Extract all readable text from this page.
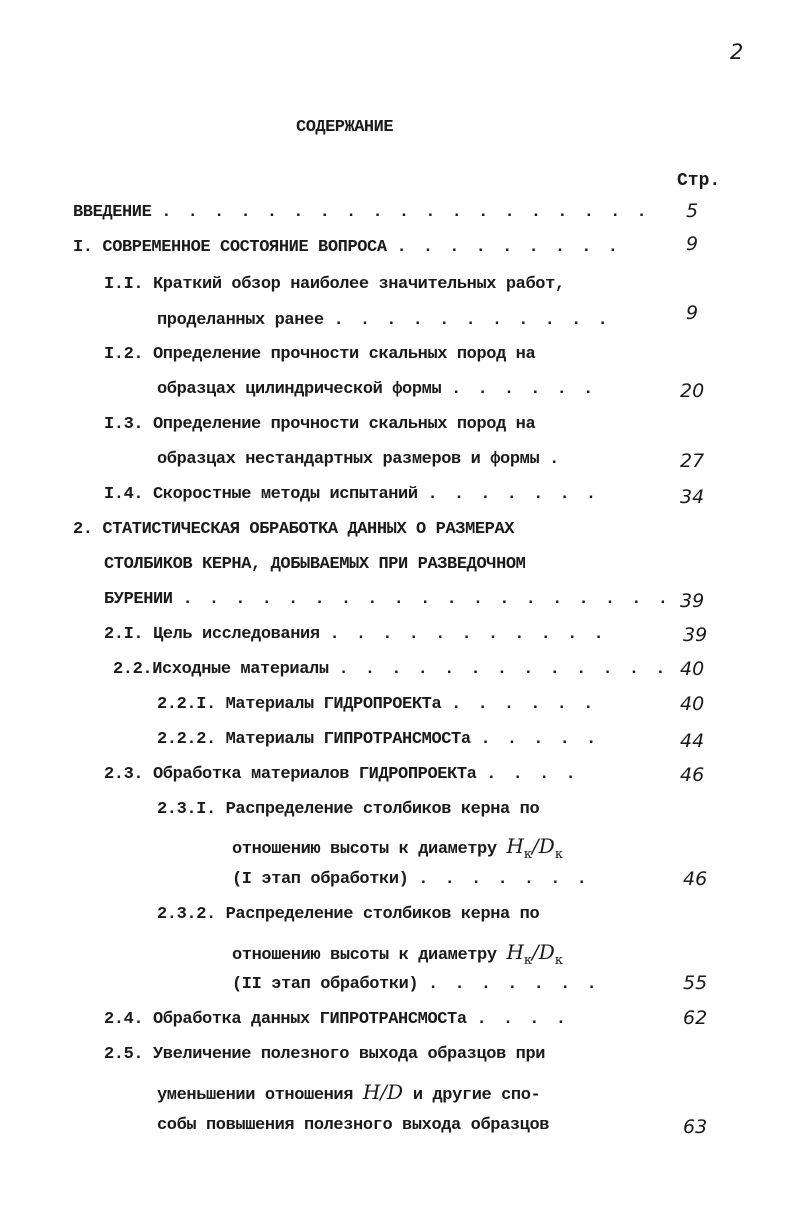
2
СОДЕРЖАНИЕ
Стр.
ВВЕДЕНИЕ . . . . . . . . . . . . . . . . . . . 5
I. СОВРЕМЕННОЕ СОСТОЯНИЕ ВОПРОСА . . . . . . . . .	9
I.I. Краткий обзор наиболее значительных работ,
проделанных ранее . . . . . . . . . . .	9
I.2. Определение прочности скальных пород на
образцах цилиндрической формы . . . . . .	20
I.3. Определение прочности скальных пород на
образцах нестандартных размеров и формы .	27
I.4. Скоростные методы испытаний . . . . . . .	34
2. СТАТИСТИЧЕСКАЯ ОБРАБОТКА ДАННЫХ О РАЗМЕРАХ
СТОЛБИКОВ КЕРНА, ДОБЫВАЕМЫХ ПРИ РАЗВЕДОЧНОМ
БУРЕНИИ . . . . . . . . . . . . . . . . . . . 39
2.I. Цель исследования . . . . . . . . . . .	39
2.2.Исходные материалы . . . . . . . . . . . . . 40
2.2.I. Материалы ГИДРОПРОЕКТа . . . . . .	40
2.2.2. Материалы ГИПРОТРАНСМОСТа . . . . .	44
2.3. Обработка материалов ГИДРОПРОЕКТа . . . .	46
2.3.I. Распределение столбиков керна по
отношению высоты к диаметру $H_к/D_к$
(I этап обработки) . . . . . . .	46
2.3.2. Распределение столбиков керна по
отношению высоты к диаметру $H_к/D_к$
(II этап обработки) . . . . . . .	55
2.4. Обработка данных ГИПРОТРАНСМОСТа . . . .	62
2.5. Увеличение полезного выхода образцов при
уменьшении отношения H/D и другие спо-
собы повышения полезного выхода образцов	63
